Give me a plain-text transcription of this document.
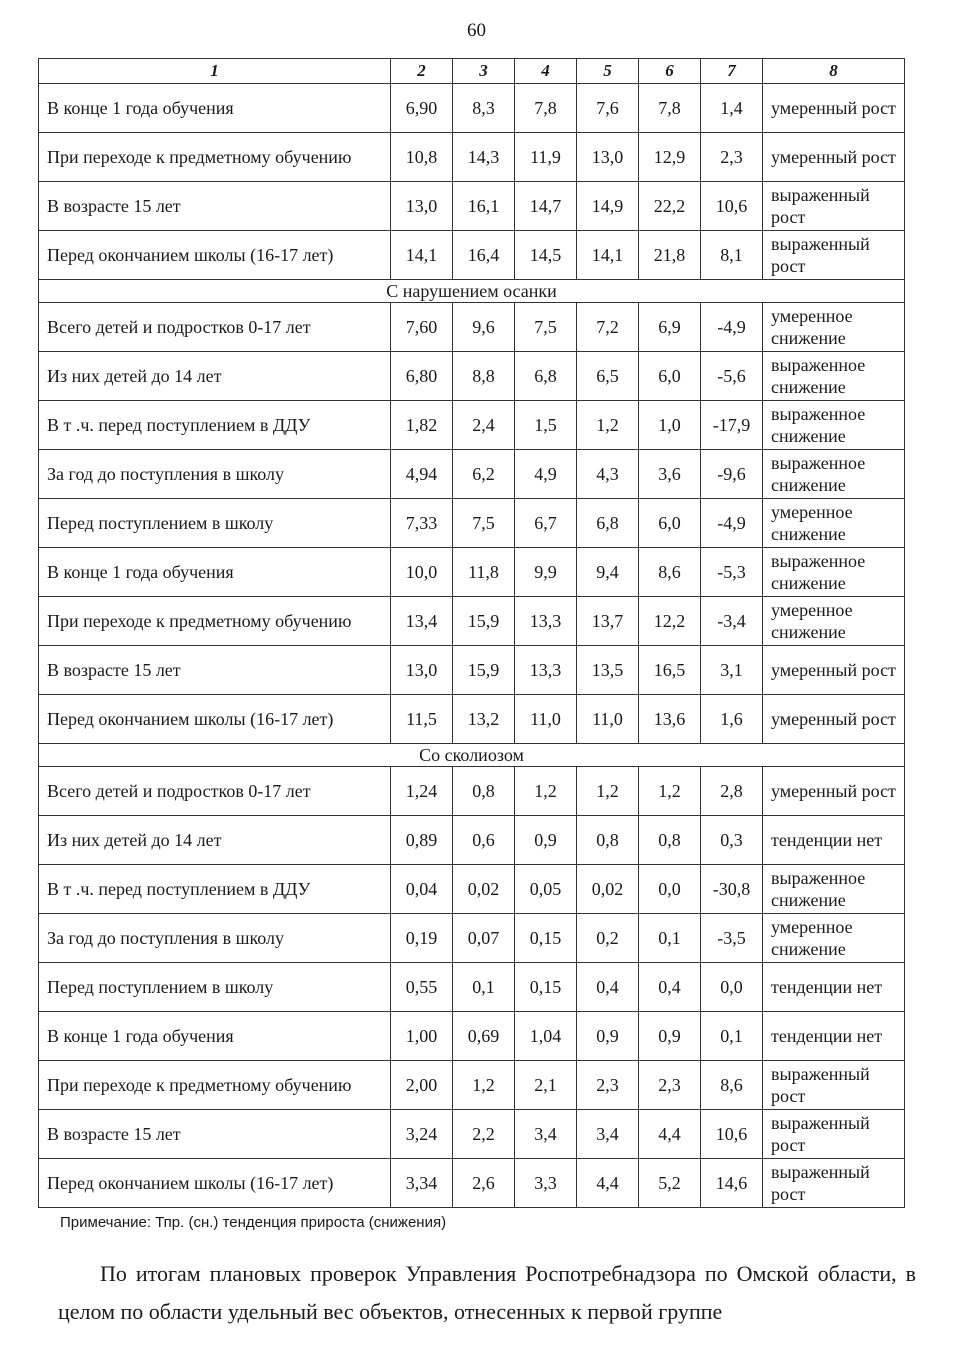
60
1	2	3	4	5	6	7	8
В конце 1 года обучения	6,90	8,3	7,8	7,6	7,8	1,4	умеренный рост
При переходе к предметному обучению	10,8	14,3	11,9	13,0	12,9	2,3	умеренный рост
В возрасте 15 лет	13,0	16,1	14,7	14,9	22,2	10,6	выраженный рост
Перед окончанием школы (16-17 лет)	14,1	16,4	14,5	14,1	21,8	8,1	выраженный рост
С нарушением осанки							
Всего детей и подростков 0-17 лет	7,60	9,6	7,5	7,2	6,9	-4,9	умеренное снижение
Из них детей до 14 лет	6,80	8,8	6,8	6,5	6,0	-5,6	выраженное снижение
В т .ч. перед поступлением в ДДУ	1,82	2,4	1,5	1,2	1,0	-17,9	выраженное снижение
За год до поступления в школу	4,94	6,2	4,9	4,3	3,6	-9,6	выраженное снижение
Перед поступлением в школу	7,33	7,5	6,7	6,8	6,0	-4,9	умеренное снижение
В конце 1 года обучения	10,0	11,8	9,9	9,4	8,6	-5,3	выраженное снижение
При переходе к предметному обучению	13,4	15,9	13,3	13,7	12,2	-3,4	умеренное снижение
В возрасте 15 лет	13,0	15,9	13,3	13,5	16,5	3,1	умеренный рост
Перед окончанием школы (16-17 лет)	11,5	13,2	11,0	11,0	13,6	1,6	умеренный рост
Со сколиозом							
Всего детей и подростков 0-17 лет	1,24	0,8	1,2	1,2	1,2	2,8	умеренный рост
Из них детей до 14 лет	0,89	0,6	0,9	0,8	0,8	0,3	тенденции нет
В т .ч. перед поступлением в ДДУ	0,04	0,02	0,05	0,02	0,0	-30,8	выраженное снижение
За год до поступления в школу	0,19	0,07	0,15	0,2	0,1	-3,5	умеренное снижение
Перед поступлением в школу	0,55	0,1	0,15	0,4	0,4	0,0	тенденции нет
В конце 1 года обучения	1,00	0,69	1,04	0,9	0,9	0,1	тенденции нет
При переходе к предметному обучению	2,00	1,2	2,1	2,3	2,3	8,6	выраженный рост
В возрасте 15 лет	3,24	2,2	3,4	3,4	4,4	10,6	выраженный рост
Перед окончанием школы (16-17 лет)	3,34	2,6	3,3	4,4	5,2	14,6	выраженный рост
Примечание: Тпр. (сн.) тенденция прироста (снижения)
По итогам плановых проверок Управления Роспотребнадзора по Омской области, в целом по области удельный вес объектов, отнесенных к первой группе
